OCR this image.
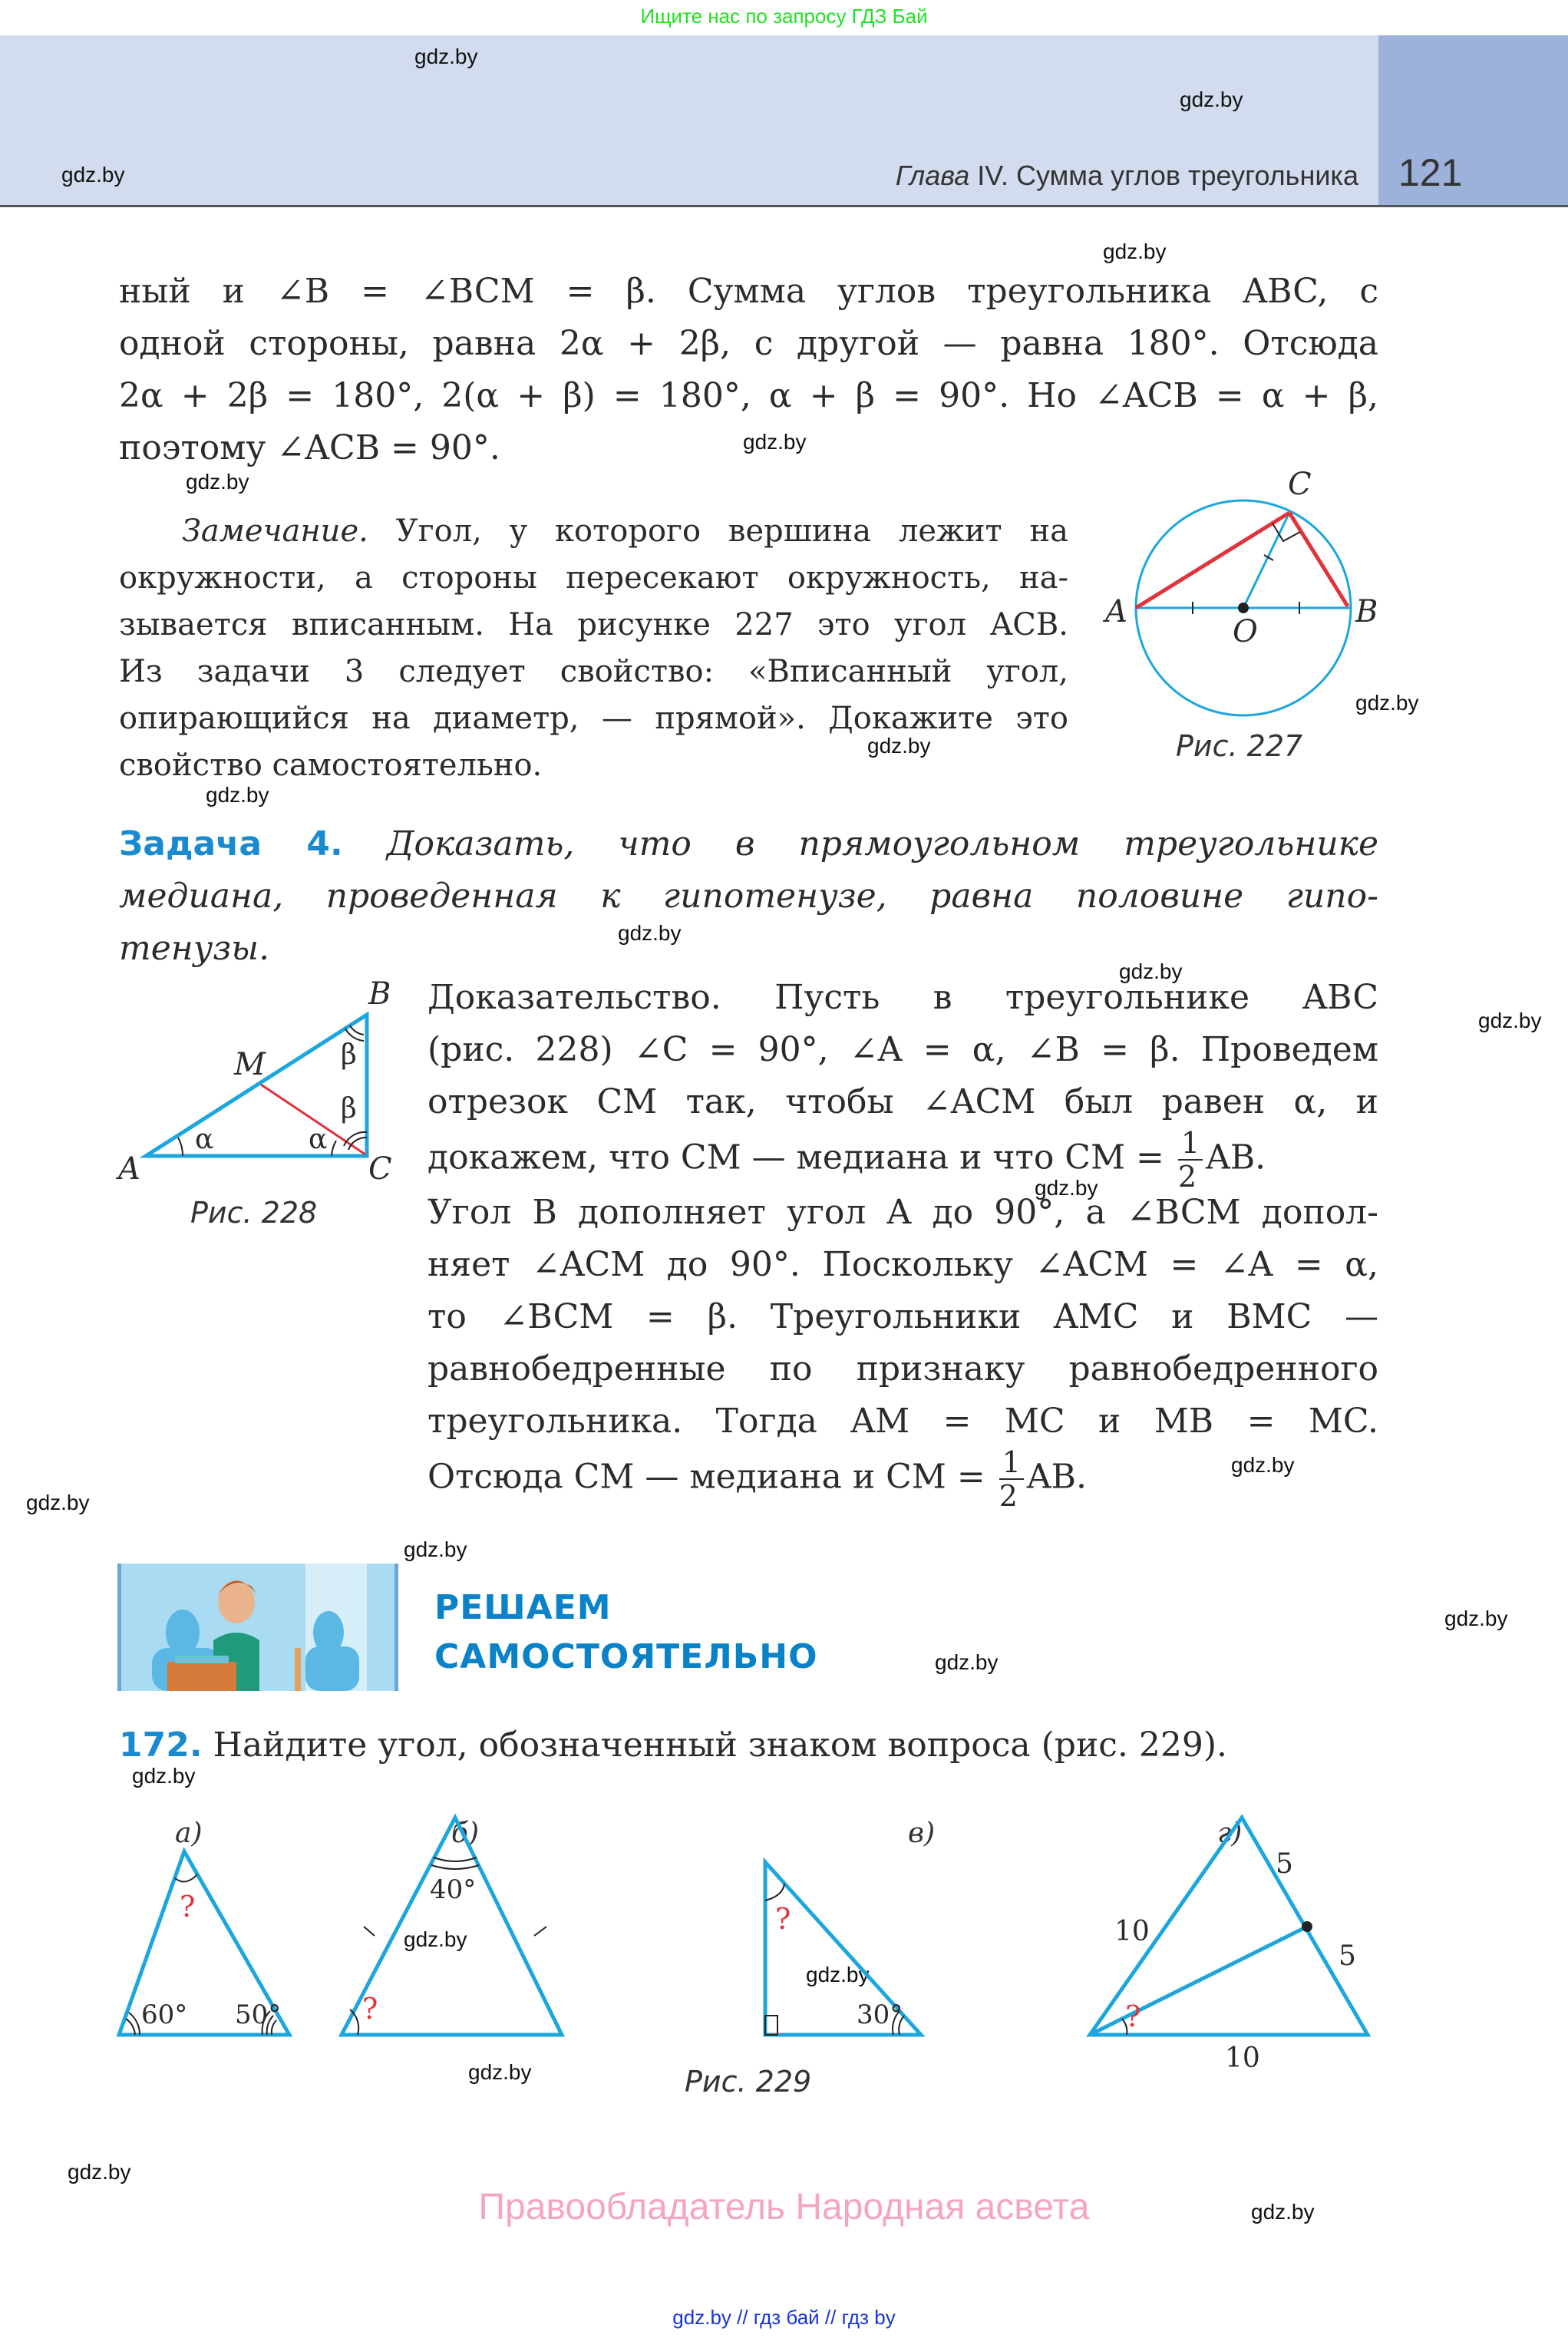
Ищите нас по запросу ГДЗ Бай
Глава IV. Сумма углов треугольника 121
gdz.by
gdz.by
gdz.by
gdz.by
gdz.by
gdz.by
gdz.by
gdz.by
gdz.by
gdz.by
gdz.by
gdz.by
gdz.by
gdz.by
gdz.by
gdz.by
gdz.by
gdz.by
gdz.by
gdz.by
gdz.by
gdz.by
gdz.by
gdz.by
ный и ∠B = ∠BCM = β. Сумма углов треугольника ABC, с
одной стороны, равна 2α + 2β, с другой — равна 180°. Отсюда
2α + 2β = 180°, 2(α + β) = 180°, α + β = 90°. Но ∠ACB = α + β,
поэтому ∠ACB = 90°.
Замечание. Угол, у которого вершина лежит на
окружности, а стороны пересекают окружность, на-
зывается вписанным. На рисунке 227 это угол ACB.
Из задачи 3 следует свойство: «Вписанный угол,
опирающийся на диаметр, — прямой». Докажите это
свойство самостоятельно.
A	B
C
O
Рис. 227
Задача 4. Доказать, что в прямоугольном треугольнике
медиана, проведенная к гипотенузе, равна половине гипо-
тенузы.
A
B
C
M
α	α
β
β
Рис. 228
Доказательство. Пусть в треугольнике ABC
(рис. 228) ∠C = 90°, ∠A = α, ∠B = β. Проведем
отрезок CM так, чтобы ∠ACM был равен α, и
докажем, что CM — медиана и что CM = $\frac{1}{2}$ AB.
Угол B дополняет угол A до 90°, а ∠BCM допол-
няет ∠ACM до 90°. Поскольку ∠ACM = ∠A = α,
то ∠BCM = β. Треугольники AMC и BMC —
равнобедренные по признаку равнобедренного
треугольника. Тогда AM = MC и MB = MC.
Отсюда CM — медиана и CM = $\frac{1}{2}$ AB.
РЕШАЕМ
САМОСТОЯТЕЛЬНО
172. Найдите угол, обозначенный знаком вопроса (рис. 229).
а)
?
60° 50°
б)
?
40°
в)
?
30°
г)
?
10
5
5
10
Рис. 229
Правообладатель Народная асвета
gdz.by // гдз бай // гдз by
